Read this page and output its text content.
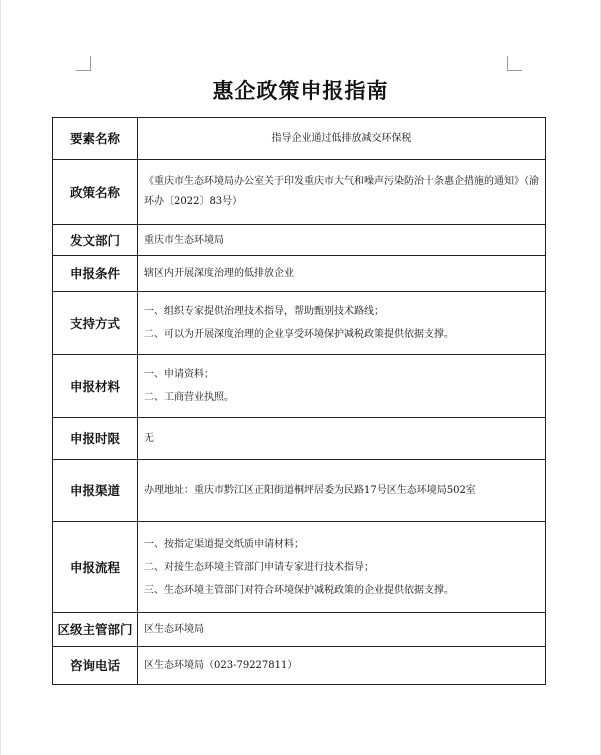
惠企政策申报指南
要素名称	指导企业通过低排放减交环保税
政策名称	《重庆市生态环境局办公室关于印发重庆市大气和噪声污染防治十条惠企措施的通知》（渝环办〔2022〕83号）

发文部门	重庆市生态环境局

申报条件	辖区内开展深度治理的低排放企业

支持方式	一、组织专家提供治理技术指导，帮助甄别技术路线；

二、可以为开展深度治理的企业享受环境保护减税政策提供依据支撑。

申报材料	一、申请资料；

二、工商营业执照。

申报时限	无

申报渠道	办理地址：重庆市黔江区正阳街道桐坪居委为民路17号区生态环境局502室

申报流程	一、按指定渠道提交纸质申请材料；

二、对接生态环境主管部门申请专家进行技术指导；

三、生态环境主管部门对符合环境保护减税政策的企业提供依据支撑。

区级主管部门	区生态环境局

咨询电话	区生态环境局（023-79227811）
